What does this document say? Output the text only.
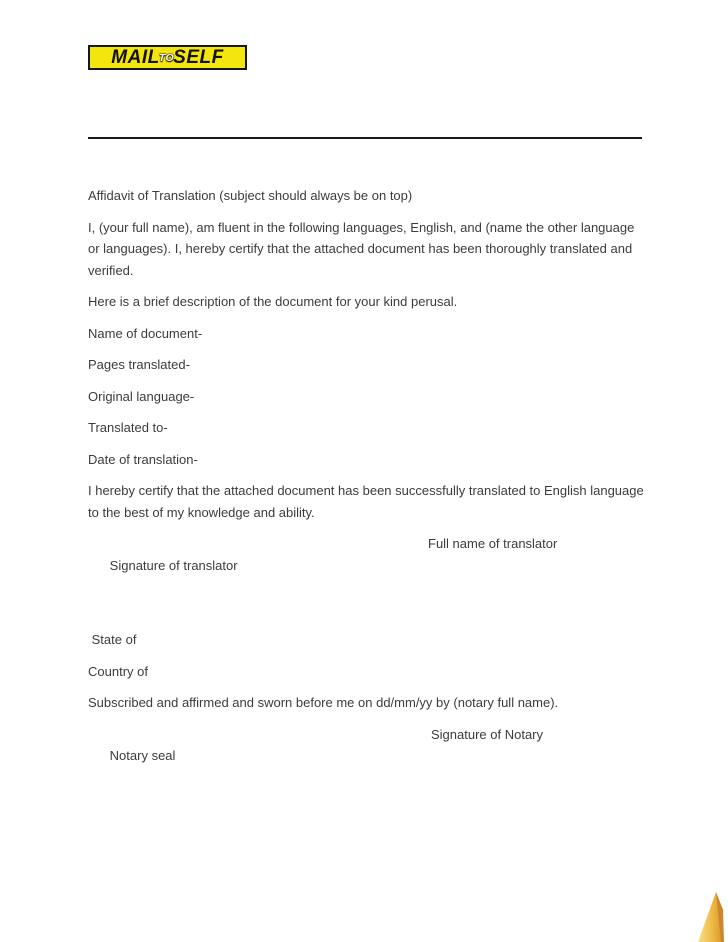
MAIL TO SELF

Affidavit of Translation (subject should always be on top)

I, (your full name), am fluent in the following languages, English, and (name the other language or languages). I, hereby certify that the attached document has been thoroughly translated and verified.

Here is a brief description of the document for your kind perusal.

Name of document-

Pages translated-

Original language-

Translated to-

Date of translation-

I hereby certify that the attached document has been successfully translated to English language to the best of my knowledge and ability.

Signature of translator

Full name of translator

State of

Country of

Subscribed and affirmed and sworn before me on dd/mm/yy by (notary full name).

Notary seal

Signature of Notary
